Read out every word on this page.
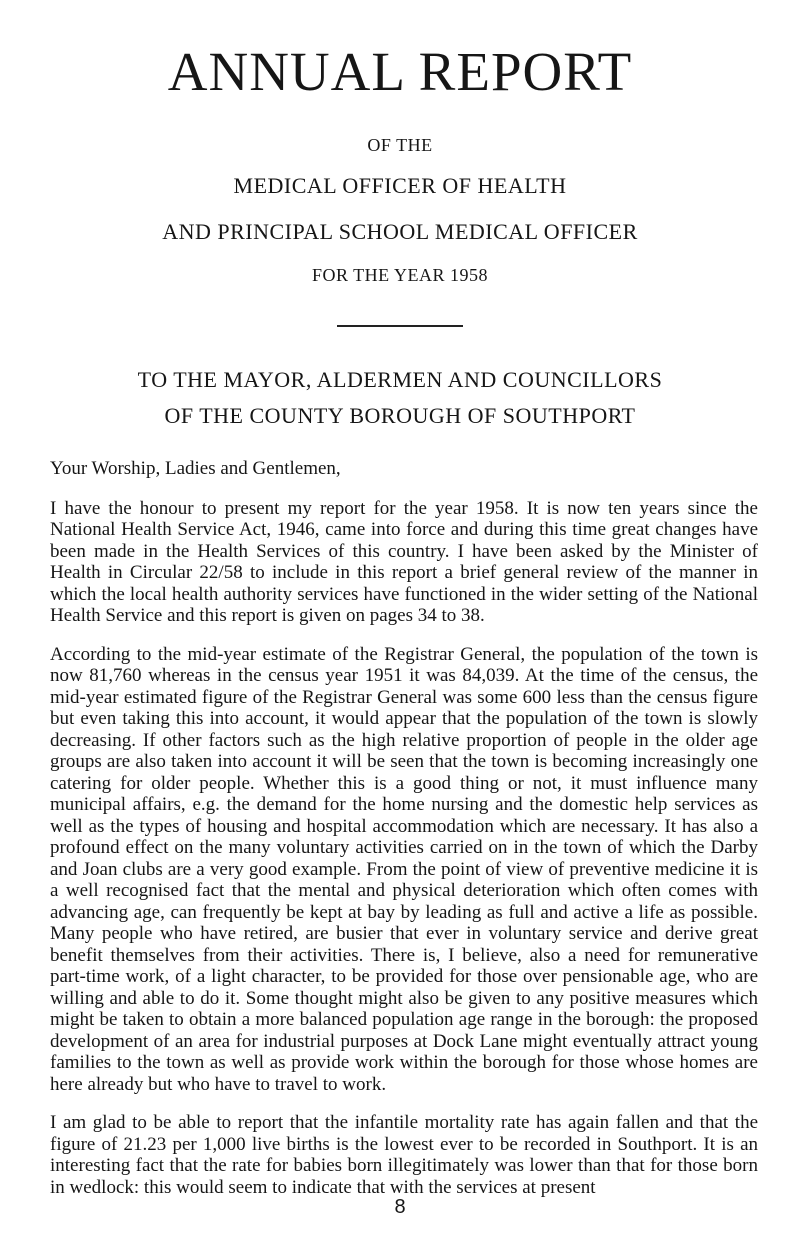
ANNUAL REPORT
OF THE
MEDICAL OFFICER OF HEALTH
AND PRINCIPAL SCHOOL MEDICAL OFFICER
FOR THE YEAR 1958
TO THE MAYOR, ALDERMEN AND COUNCILLORS
OF THE COUNTY BOROUGH OF SOUTHPORT

Your Worship, Ladies and Gentlemen,

I have the honour to present my report for the year 1958. It is now ten years since the National Health Service Act, 1946, came into force and during this time great changes have been made in the Health Services of this country. I have been asked by the Minister of Health in Circular 22/58 to include in this report a brief general review of the manner in which the local health authority services have functioned in the wider setting of the National Health Service and this report is given on pages 34 to 38.

According to the mid-year estimate of the Registrar General, the population of the town is now 81,760 whereas in the census year 1951 it was 84,039. At the time of the census, the mid-year estimated figure of the Registrar General was some 600 less than the census figure but even taking this into account, it would appear that the population of the town is slowly decreasing. If other factors such as the high relative proportion of people in the older age groups are also taken into account it will be seen that the town is becoming increasingly one catering for older people. Whether this is a good thing or not, it must influence many municipal affairs, e.g. the demand for the home nursing and the domestic help services as well as the types of housing and hospital accommodation which are necessary. It has also a profound effect on the many voluntary activities carried on in the town of which the Darby and Joan clubs are a very good example. From the point of view of preventive medicine it is a well recognised fact that the mental and physical deterioration which often comes with advancing age, can frequently be kept at bay by leading as full and active a life as possible. Many people who have retired, are busier that ever in voluntary service and derive great benefit themselves from their activities. There is, I believe, also a need for remunerative part-time work, of a light character, to be provided for those over pensionable age, who are willing and able to do it. Some thought might also be given to any positive measures which might be taken to obtain a more balanced population age range in the borough: the proposed development of an area for industrial purposes at Dock Lane might eventually attract young families to the town as well as provide work within the borough for those whose homes are here already but who have to travel to work.

I am glad to be able to report that the infantile mortality rate has again fallen and that the figure of 21.23 per 1,000 live births is the lowest ever to be recorded in Southport. It is an interesting fact that the rate for babies born illegitimately was lower than that for those born in wedlock: this would seem to indicate that with the services at present

8
